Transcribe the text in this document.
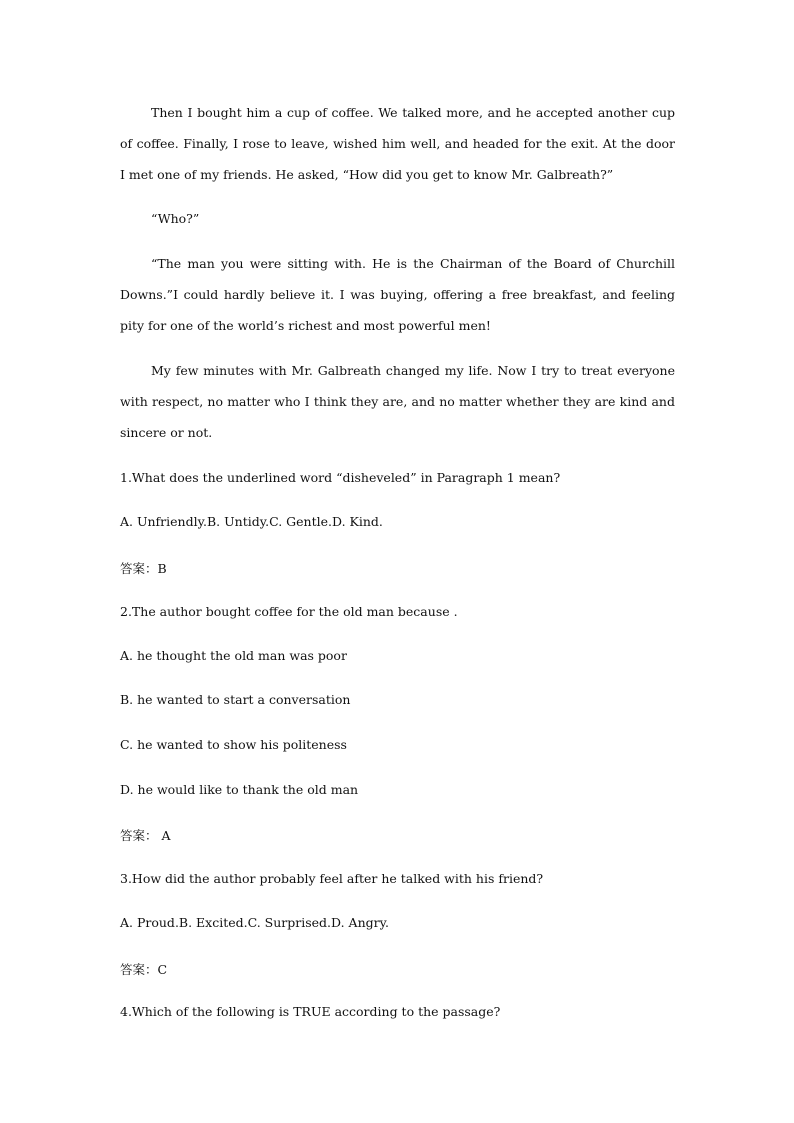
Then I bought him a cup of coffee. We talked more, and he accepted another cup of coffee. Finally, I rose to leave, wished him well, and headed for the exit. At the door I met one of my friends. He asked, “How did you get to know Mr. Galbreath?”

“Who?”

“The man you were sitting with. He is the Chairman of the Board of Churchill Downs.”I could hardly believe it. I was buying, offering a free breakfast, and feeling pity for one of the world’s richest and most powerful men!

My few minutes with Mr. Galbreath changed my life. Now I try to treat everyone with respect, no matter who I think they are, and no matter whether they are kind and sincere or not.

1.What does the underlined word “disheveled” in Paragraph 1 mean?

A. Unfriendly.B. Untidy.C. Gentle.D. Kind.

答案：B

2.The author bought coffee for the old man because .

A. he thought the old man was poor

B. he wanted to start a conversation

C. he wanted to show his politeness

D. he would like to thank the old man

答案： A

3.How did the author probably feel after he talked with his friend?

A. Proud.B. Excited.C. Surprised.D. Angry.

答案：C

4.Which of the following is TRUE according to the passage?
